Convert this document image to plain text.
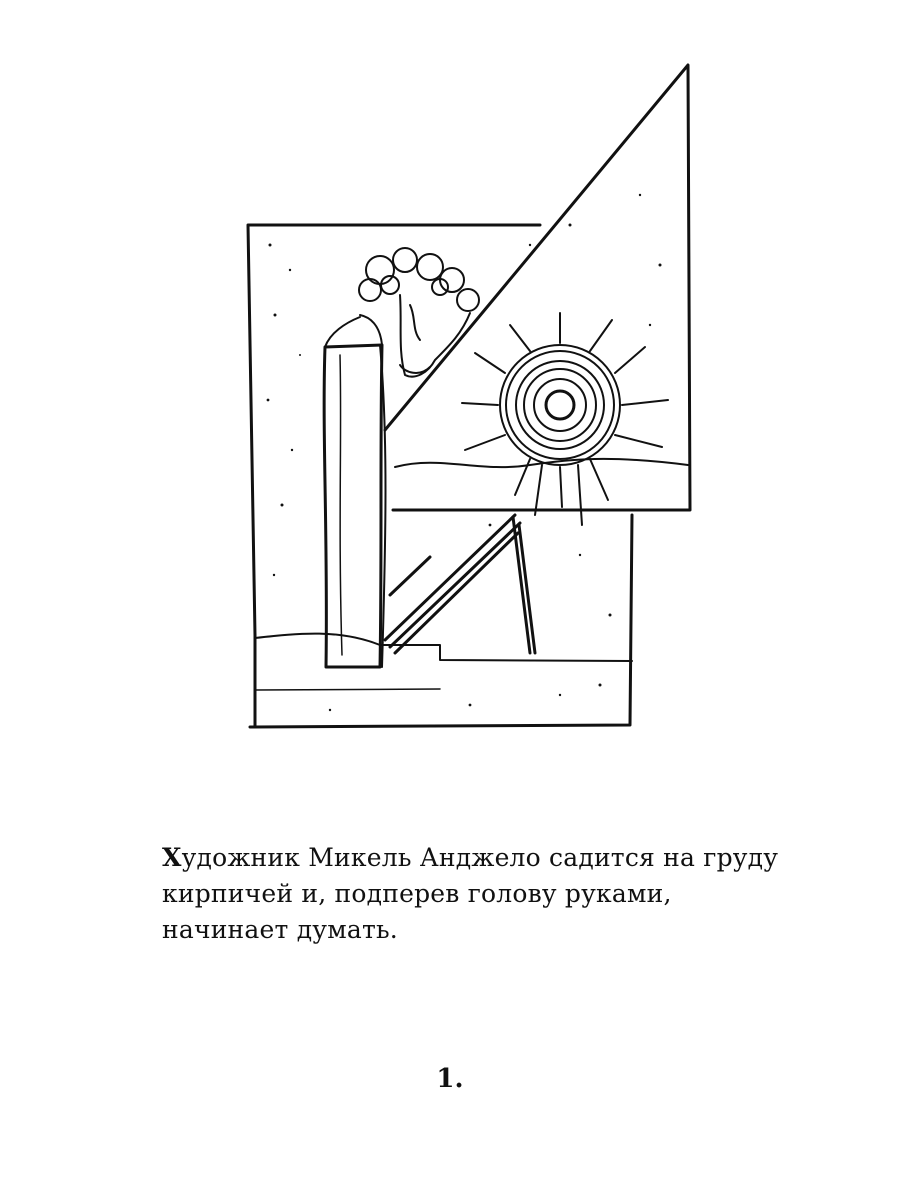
Художник Микель Анджело садится на груду
кирпичей и, подперев голову руками,
начинает думать.

1.
